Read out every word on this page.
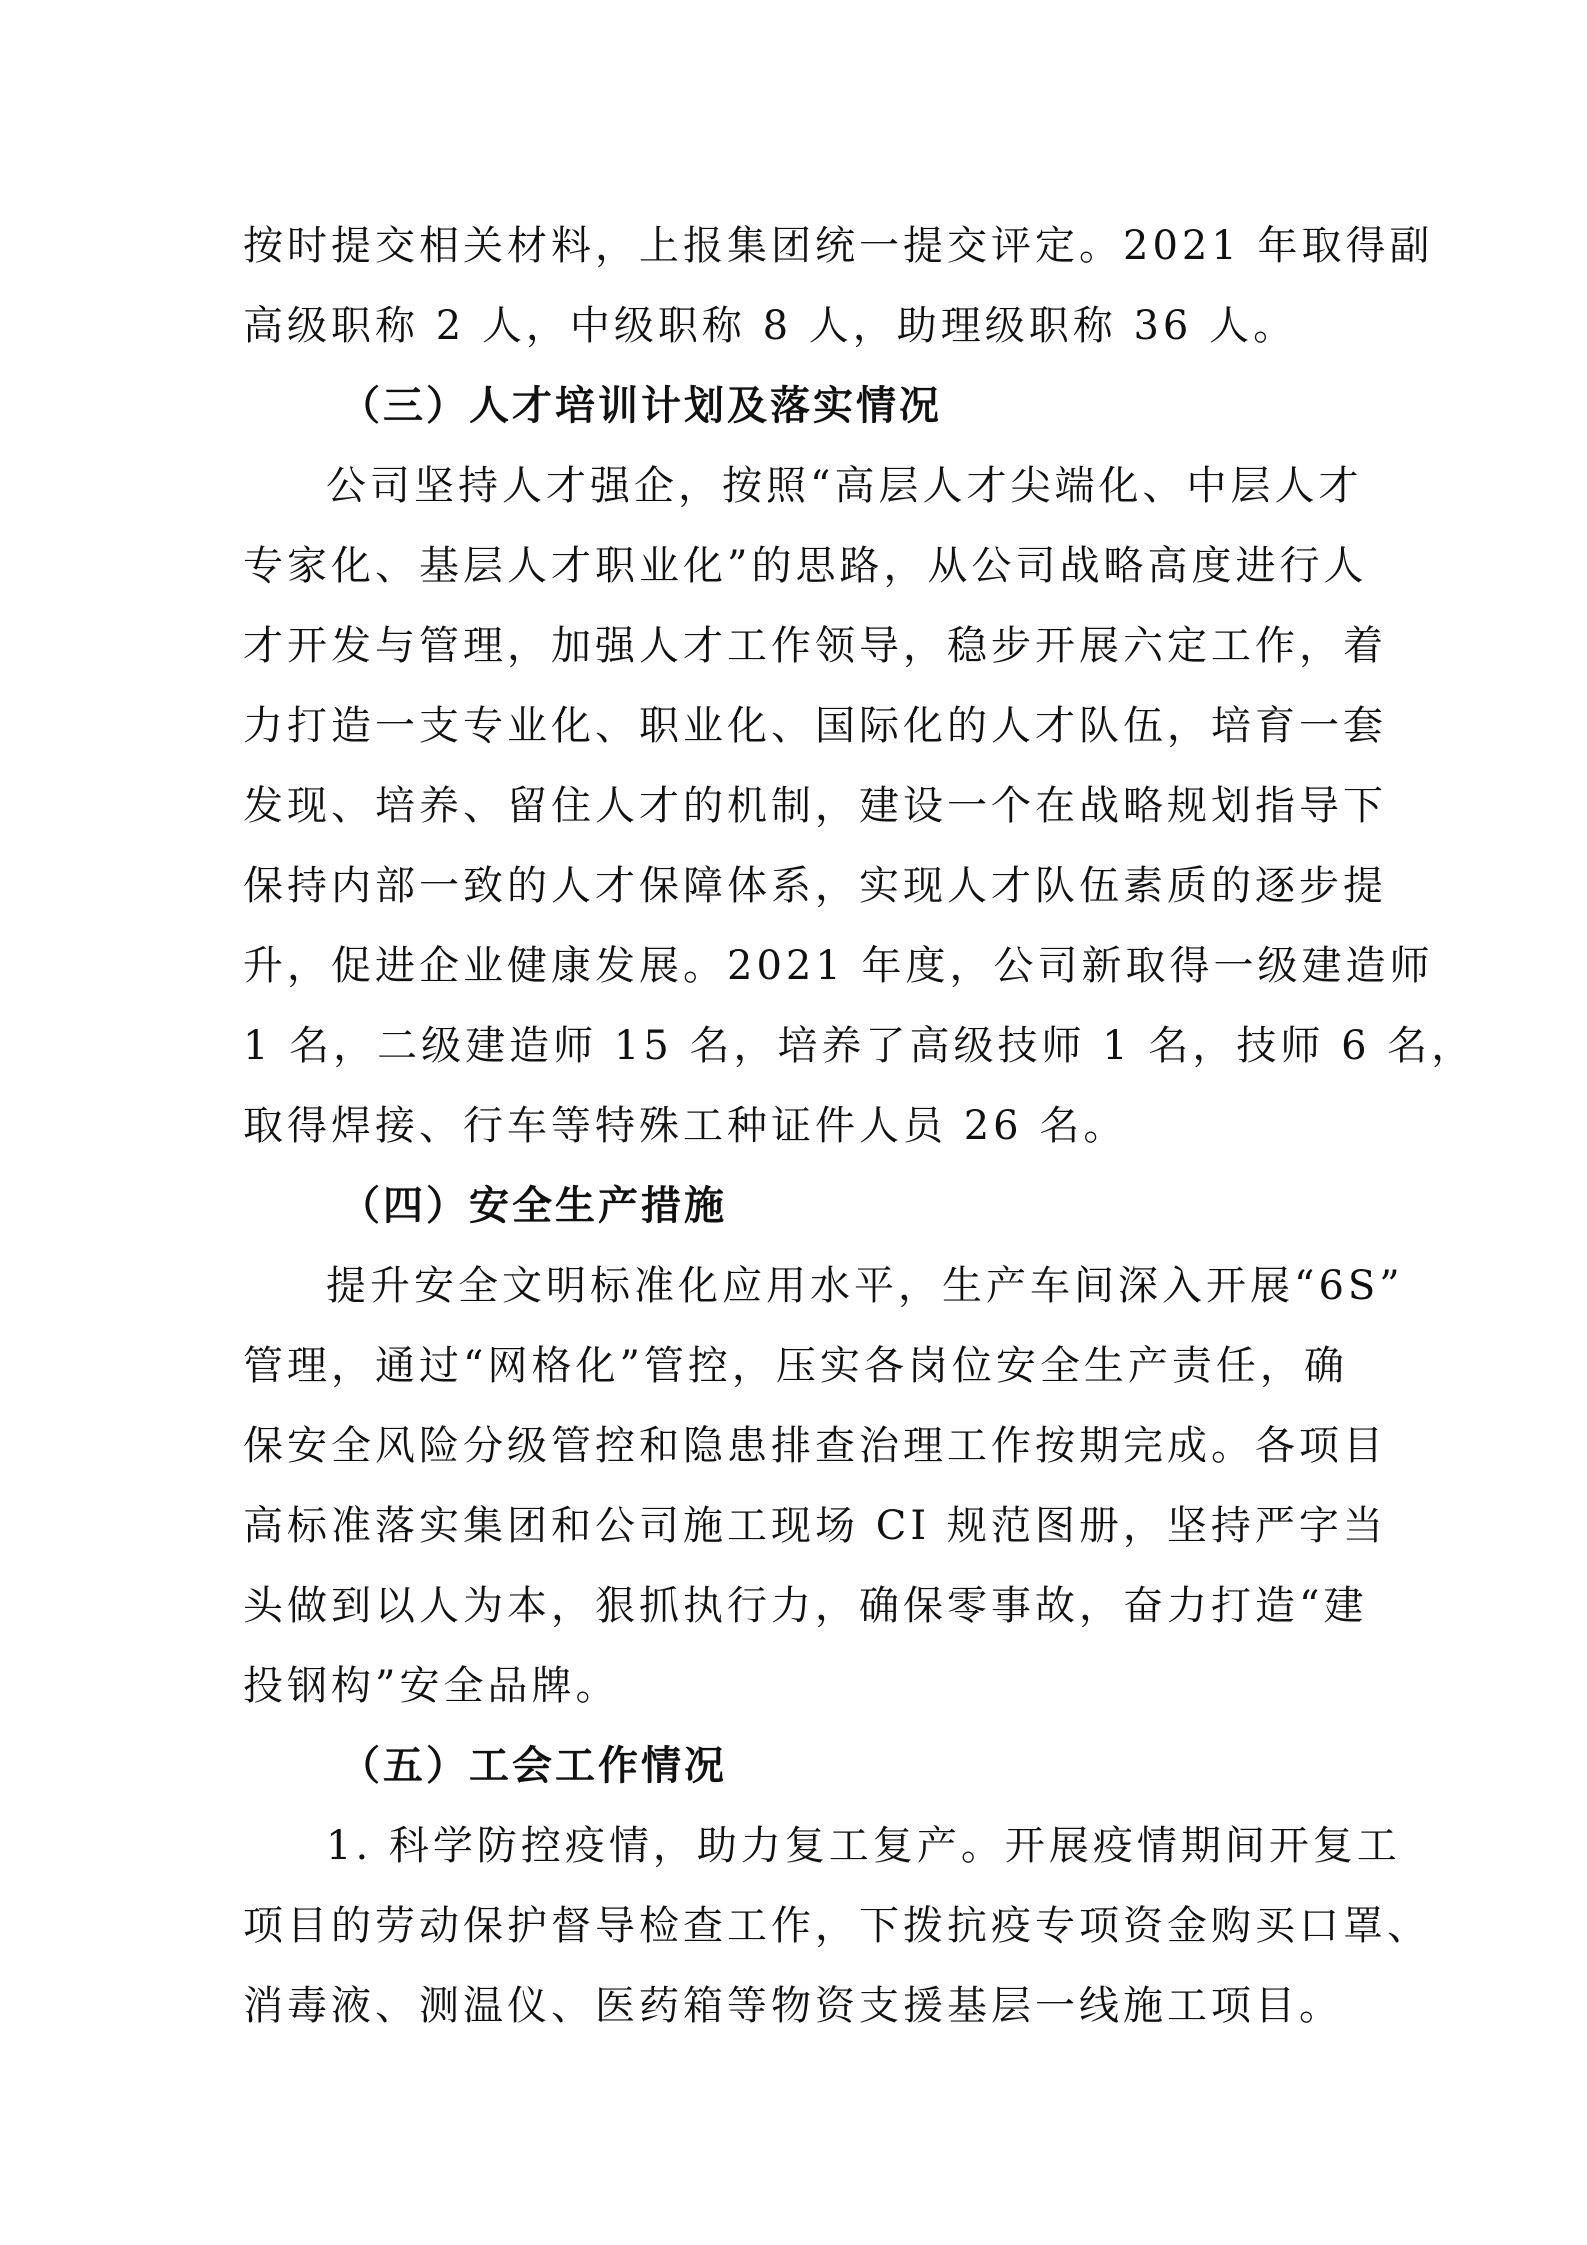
按时提交相关材料，上报集团统一提交评定。2021 年取得副
高级职称 2 人，中级职称 8 人，助理级职称 36 人。
（三）人才培训计划及落实情况
公司坚持人才强企，按照“高层人才尖端化、中层人才
专家化、基层人才职业化”的思路，从公司战略高度进行人
才开发与管理，加强人才工作领导，稳步开展六定工作，着
力打造一支专业化、职业化、国际化的人才队伍，培育一套
发现、培养、留住人才的机制，建设一个在战略规划指导下
保持内部一致的人才保障体系，实现人才队伍素质的逐步提
升，促进企业健康发展。2021 年度，公司新取得一级建造师
1 名，二级建造师 15 名，培养了高级技师 1 名，技师 6 名，
取得焊接、行车等特殊工种证件人员 26 名。
（四）安全生产措施
提升安全文明标准化应用水平，生产车间深入开展“6S”
管理，通过“网格化”管控，压实各岗位安全生产责任，确
保安全风险分级管控和隐患排查治理工作按期完成。各项目
高标准落实集团和公司施工现场 CI 规范图册，坚持严字当
头做到以人为本，狠抓执行力，确保零事故，奋力打造“建
投钢构”安全品牌。
（五）工会工作情况
1. 科学防控疫情，助力复工复产。开展疫情期间开复工
项目的劳动保护督导检查工作，下拨抗疫专项资金购买口罩、
消毒液、测温仪、医药箱等物资支援基层一线施工项目。
